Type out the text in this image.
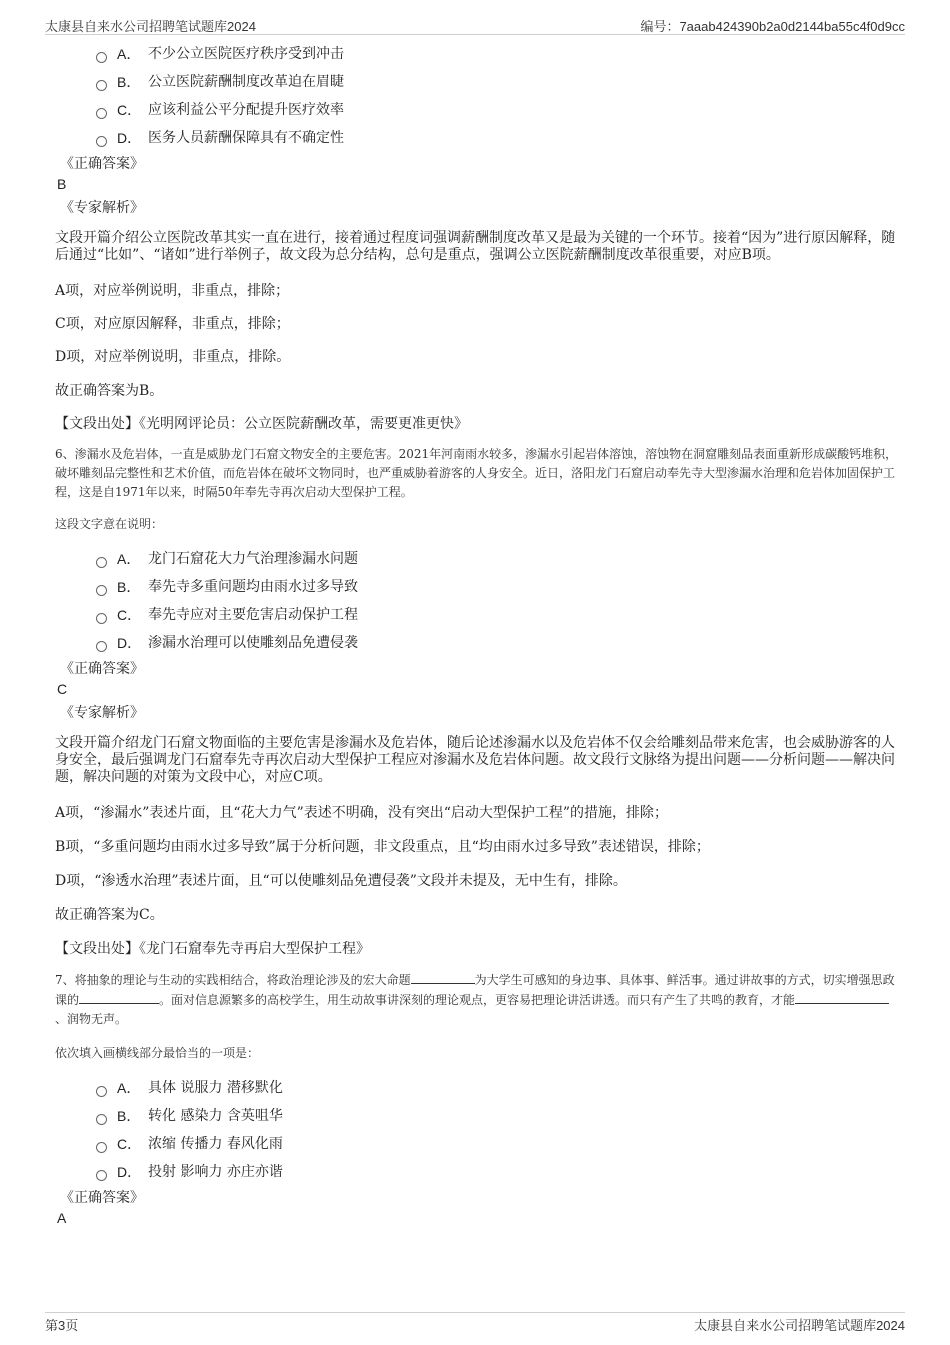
太康县自来水公司招聘笔试题库2024	编号：7aaab424390b2a0d2144ba55c4f0d9cc
A． 不少公立医院医疗秩序受到冲击
B． 公立医院薪酬制度改革迫在眉睫
C． 应该利益公平分配提升医疗效率
D． 医务人员薪酬保障具有不确定性
《正确答案》
B
《专家解析》

文段开篇介绍公立医院改革其实一直在进行，接着通过程度词强调薪酬制度改革又是最为关键的一个环节。接着“因为”进行原因解释，随后通过“比如”、“诸如”进行举例子，故文段为总分结构，总句是重点，强调公立医院薪酬制度改革很重要，对应B项。

A项，对应举例说明，非重点，排除；

C项，对应原因解释，非重点，排除；

D项，对应举例说明，非重点，排除。

故正确答案为B。

【文段出处】《光明网评论员：公立医院薪酬改革，需要更准更快》

6、渗漏水及危岩体，一直是威胁龙门石窟文物安全的主要危害。2021年河南雨水较多，渗漏水引起岩体溶蚀，溶蚀物在洞窟雕刻品表面重新形成碳酸钙堆积，破坏雕刻品完整性和艺术价值，而危岩体在破坏文物同时，也严重威胁着游客的人身安全。近日，洛阳龙门石窟启动奉先寺大型渗漏水治理和危岩体加固保护工程，这是自1971年以来，时隔50年奉先寺再次启动大型保护工程。

这段文字意在说明：

A． 龙门石窟花大力气治理渗漏水问题
B． 奉先寺多重问题均由雨水过多导致
C． 奉先寺应对主要危害启动保护工程
D． 渗漏水治理可以使雕刻品免遭侵袭
《正确答案》
C
《专家解析》

文段开篇介绍龙门石窟文物面临的主要危害是渗漏水及危岩体，随后论述渗漏水以及危岩体不仅会给雕刻品带来危害，也会威胁游客的人身安全，最后强调龙门石窟奉先寺再次启动大型保护工程应对渗漏水及危岩体问题。故文段行文脉络为提出问题——分析问题——解决问题，解决问题的对策为文段中心，对应C项。

A项，“渗漏水”表述片面，且“花大力气”表述不明确，没有突出“启动大型保护工程”的措施，排除；

B项，“多重问题均由雨水过多导致”属于分析问题，非文段重点，且“均由雨水过多导致”表述错误，排除；

D项，“渗透水治理”表述片面，且“可以使雕刻品免遭侵袭”文段并未提及，无中生有，排除。

故正确答案为C。

【文段出处】《龙门石窟奉先寺再启大型保护工程》

7、将抽象的理论与生动的实践相结合，将政治理论涉及的宏大命题	为大学生可感知的身边事、具体事、鲜活事。通过讲故事的方式，切实增强思政课的	。面对信息源繁多的高校学生，用生动故事讲深刻的理论观点，更容易把理论讲活讲透。而只有产生了共鸣的教育，才能、润物无声。

依次填入画横线部分最恰当的一项是：

A． 具体 说服力 潜移默化
B． 转化 感染力 含英咀华
C． 浓缩 传播力 春风化雨
D． 投射 影响力 亦庄亦谐
《正确答案》
A
第3页	太康县自来水公司招聘笔试题库2024
